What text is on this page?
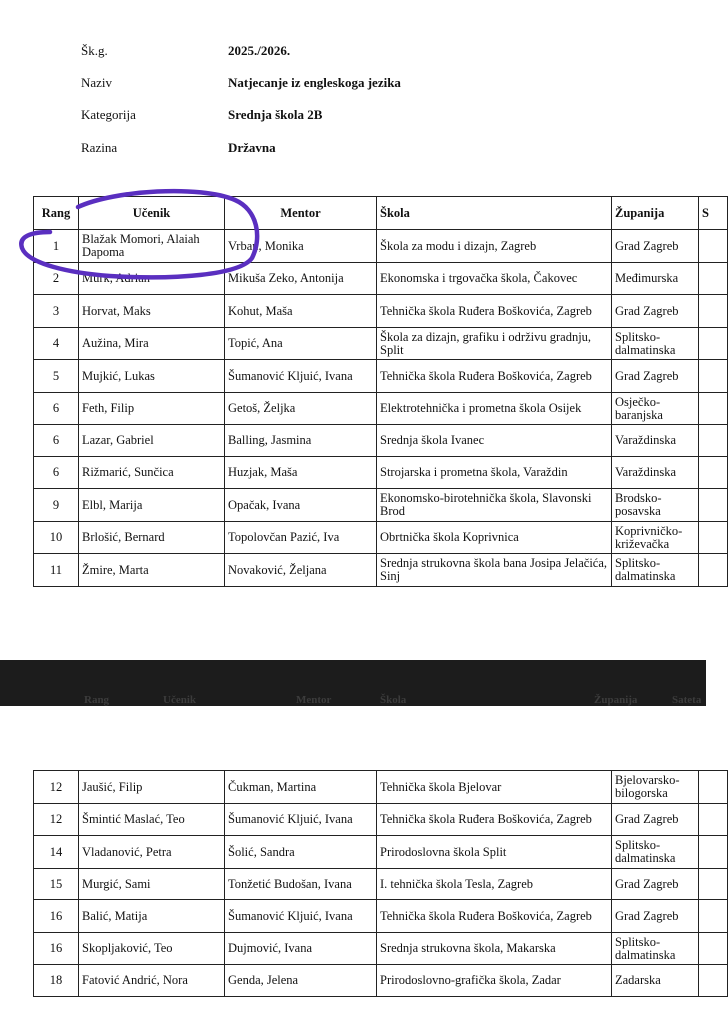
Šk.g.	2025./2026.
Naziv	Natjecanje iz engleskoga jezika
Kategorija	Srednja škola 2B
Razina	Državna
Rang	Učenik	Mentor	Škola	Županija	S
1	Blažak Momori, Alaiah Dapoma	Vrban, Monika	Škola za modu i dizajn, Zagreb	Grad Zagreb	
2	Murk, Adrian	Mikuša Zeko, Antonija	Ekonomska i trgovačka škola, Čakovec	Međimurska	
3	Horvat, Maks	Kohut, Maša	Tehnička škola Ruđera Boškovića, Zagreb	Grad Zagreb	
4	Aužina, Mira	Topić, Ana	Škola za dizajn, grafiku i održivu gradnju, Split	Splitsko-dalmatinska	
5	Mujkić, Lukas	Šumanović Kljuić, Ivana	Tehnička škola Ruđera Boškovića, Zagreb	Grad Zagreb	
6	Feth, Filip	Getoš, Željka	Elektrotehnička i prometna škola Osijek	Osječko-baranjska	
6	Lazar, Gabriel	Balling, Jasmina	Srednja škola Ivanec	Varaždinska	
6	Rižmarić, Sunčica	Huzjak, Maša	Strojarska i prometna škola, Varaždin	Varaždinska	
9	Elbl, Marija	Opačak, Ivana	Ekonomsko-birotehnička škola, Slavonski Brod	Brodsko-posavska	
10	Brlošić, Bernard	Topolovčan Pazić, Iva	Obrtnička škola Koprivnica	Koprivničko-križevačka	
11	Žmire, Marta	Novaković, Željana	Srednja strukovna škola bana Josipa Jelačića, Sinj	Splitsko-dalmatinska	
Rang	Učenik	Mentor	Škola	Županija	Sateta
12	Jaušić, Filip	Čukman, Martina	Tehnička škola Bjelovar	Bjelovarsko-bilogorska	
12	Šmintić Maslać, Teo	Šumanović Kljuić, Ivana	Tehnička škola Ruđera Boškovića, Zagreb	Grad Zagreb	
14	Vladanović, Petra	Šolić, Sandra	Prirodoslovna škola Split	Splitsko-dalmatinska	
15	Murgić, Sami	Tonžetić Budošan, Ivana	I. tehnička škola Tesla, Zagreb	Grad Zagreb	
16	Balić, Matija	Šumanović Kljuić, Ivana	Tehnička škola Ruđera Boškovića, Zagreb	Grad Zagreb	
16	Skopljaković, Teo	Dujmović, Ivana	Srednja strukovna škola, Makarska	Splitsko-dalmatinska	
18	Fatović Andrić, Nora	Genda, Jelena	Prirodoslovno-grafička škola, Zadar	Zadarska	
